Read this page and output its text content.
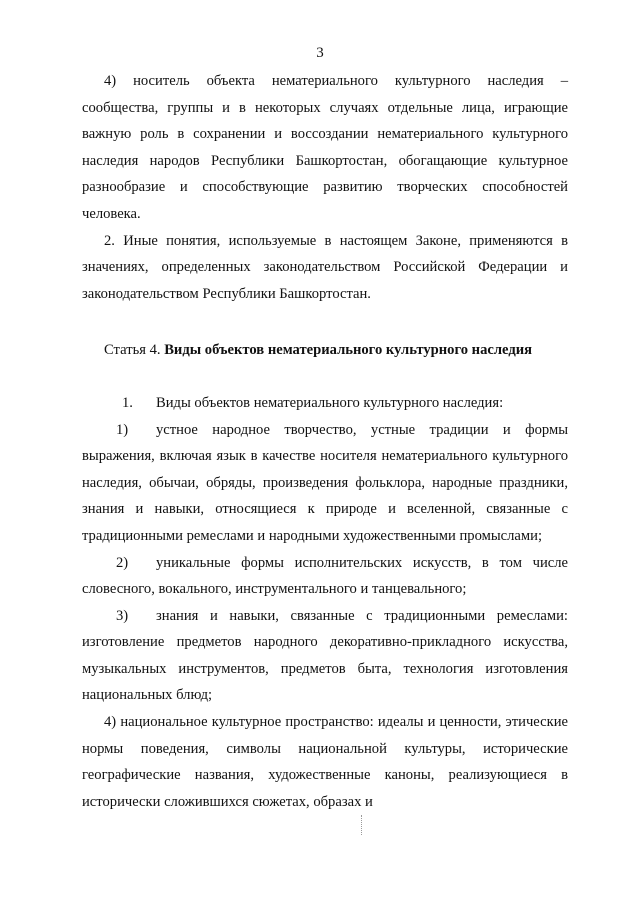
3

4) носитель объекта нематериального культурного наследия – сообщества, группы и в некоторых случаях отдельные лица, играющие важную роль в сохранении и воссоздании нематериального культурного наследия народов Республики Башкортостан, обогащающие культурное разнообразие и способствующие развитию творческих способностей человека.

2. Иные понятия, используемые в настоящем Законе, применяются в значениях, определенных законодательством Российской Федерации и законодательством Республики Башкортостан.

Статья 4. Виды объектов нематериального культурного наследия

1.	Виды объектов нематериального культурного наследия:

1) устное народное творчество, устные традиции и формы выражения, включая язык в качестве носителя нематериального культурного наследия, обычаи, обряды, произведения фольклора, народные праздники, знания и навыки, относящиеся к природе и вселенной, связанные с традиционными ремеслами и народными художественными промыслами;

2) уникальные формы исполнительских искусств, в том числе словесного, вокального, инструментального и танцевального;

3) знания и навыки, связанные с традиционными ремеслами: изготовление предметов народного декоративно-прикладного искусства, музыкальных инструментов, предметов быта, технология изготовления национальных блюд;

4) национальное культурное пространство: идеалы и ценности, этические нормы поведения, символы национальной культуры, исторические географические названия, художественные каноны, реализующиеся в исторически сложившихся сюжетах, образах и
